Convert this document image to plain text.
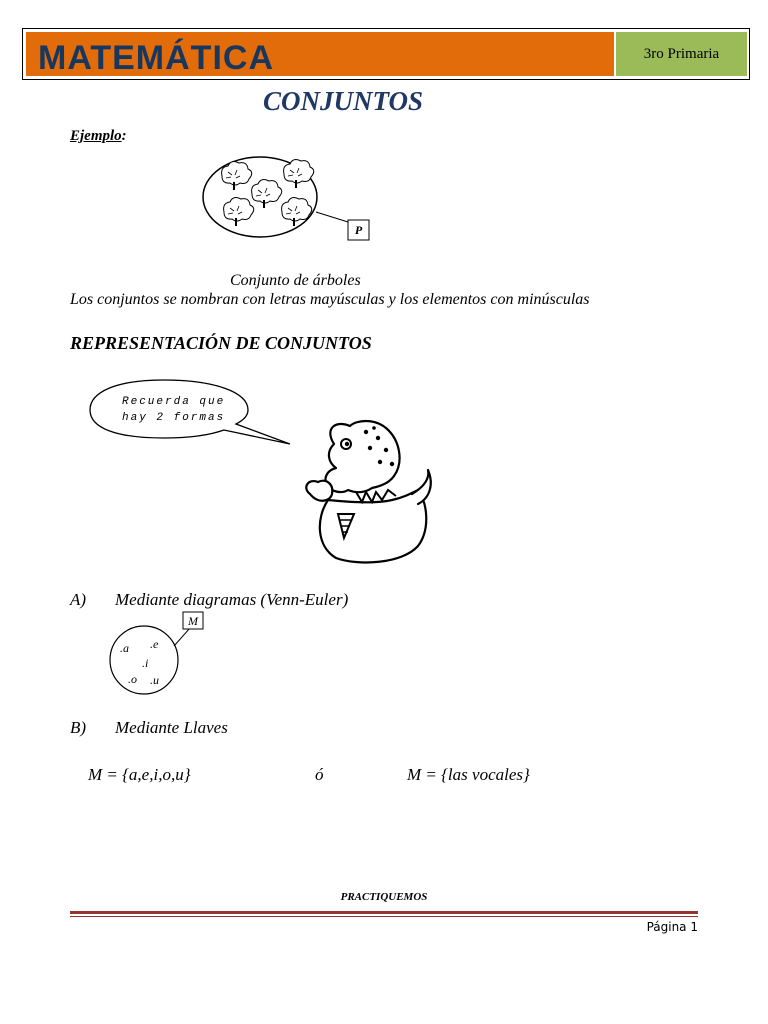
MATEMÁTICA	3ro Primaria
CONJUNTOS
Ejemplo:
P
Conjunto de árboles
Los conjuntos se nombran con letras mayúsculas y los elementos con minúsculas
REPRESENTACIÓN DE CONJUNTOS
Recuerda que
hay 2 formas
A) Mediante diagramas (Venn-Euler)
M
.a .e
.i
.o .u
B) Mediante Llaves
M = {a,e,i,o,u}	ó	M = {las vocales}
PRACTIQUEMOS
Página 1
